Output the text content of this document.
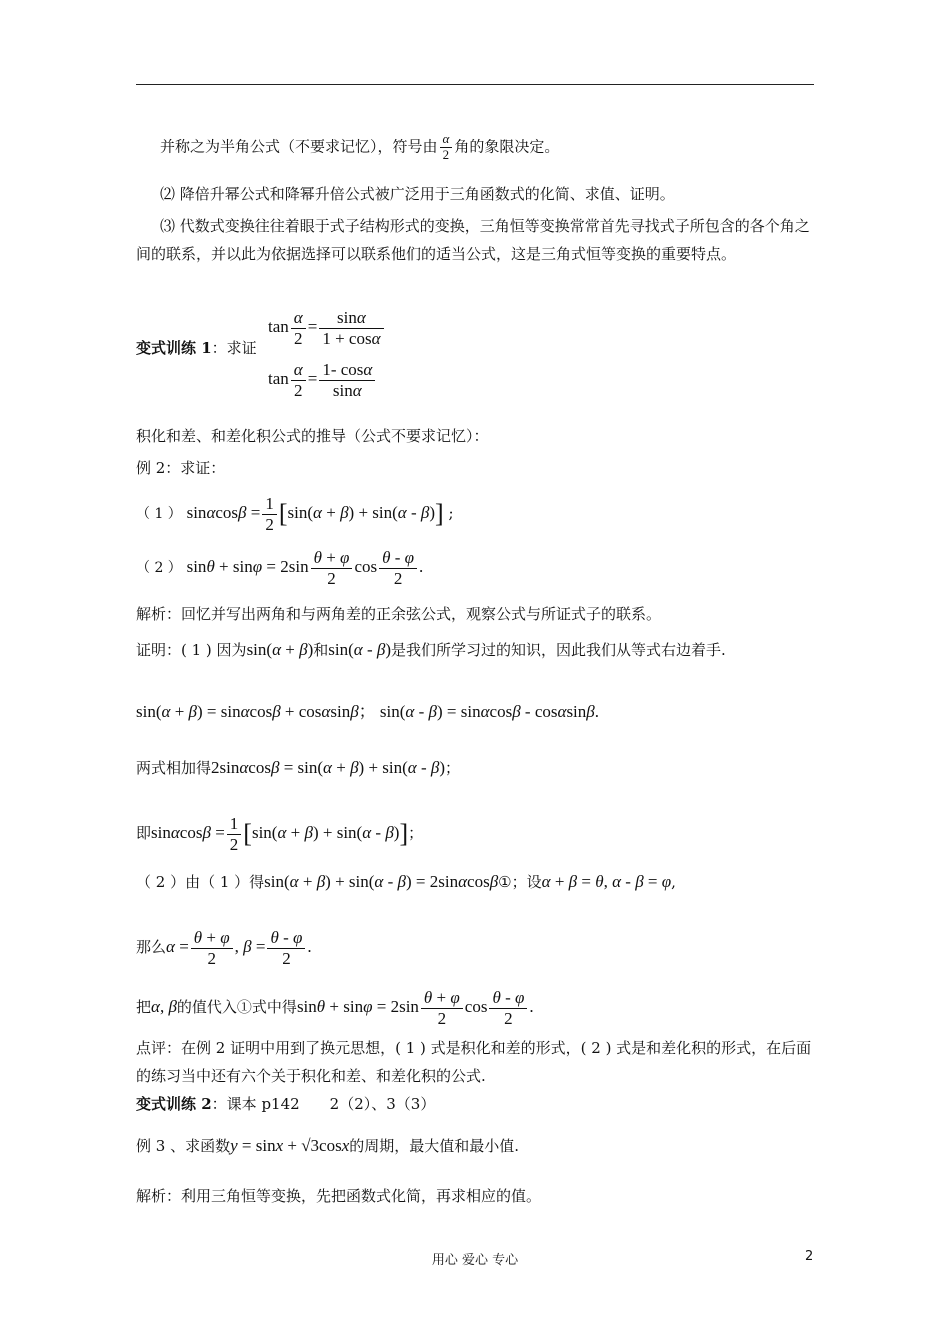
并称之为半角公式（不要求记忆），符号由 $\frac{\alpha}{2}$ 角的象限决定。
⑵ 降倍升幂公式和降幂升倍公式被广泛用于三角函数式的化简、求值、证明。
⑶ 代数式变换往往着眼于式子结构形式的变换，三角恒等变换常常首先寻找式子所包含的各个角之间的联系，并以此为依据选择可以联系他们的适当公式，这是三角式恒等变换的重要特点。
变式训练 1：求证
$\tan \frac{\alpha}{2} = \frac{\sin\alpha}{1 + \cos\alpha}$
$\tan \frac{\alpha}{2} = \frac{1- \cos\alpha}{\sin\alpha}$
积化和差、和差化积公式的推导（公式不要求记忆）：
例 2：求证：
（ 1 ） $\sin\alpha\cos\beta = \frac{1}{2} [\sin(\alpha + \beta) + \sin(\alpha - \beta)]$ ;
（ 2 ） $\sin\theta + \sin\varphi = 2\sin \frac{\theta + \varphi}{2}$ $\cos \frac{\theta - \varphi}{2}$ .
解析：回忆并写出两角和与两角差的正余弦公式，观察公式与所证式子的联系。
证明：( 1 ) 因为sin(α + β)和sin(α - β)是我们所学习过的知识，因此我们从等式右边着手.
sin(α + β) = sinαcosβ + cosαsinβ； sin(α - β) = sinαcosβ - cosαsinβ.
两式相加得2sinαcosβ = sin(α + β) + sin(α - β)；
即$\sin\alpha\cos\beta = \frac{1}{2} [\sin(\alpha + \beta) + \sin(\alpha - \beta)]$；
（ 2 ）由（ 1 ）得sin(α + β) + sin(α - β) = 2sinαcosβ①；设α + β = θ, α - β = φ,
那么$\alpha = \frac{\theta + \varphi}{2}$ , $\beta = \frac{\theta - \varphi}{2}$ .
把α, β的值代入①式中得$\sin\theta + \sin\varphi = 2\sin \frac{\theta + \varphi}{2}$ $\cos \frac{\theta - \varphi}{2}$ .
点评：在例 2 证明中用到了换元思想，( 1 ) 式是积化和差的形式，( 2 ) 式是和差化积的形式，在后面的练习当中还有六个关于积化和差、和差化积的公式.
变式训练 2：课本 p142　　2（2）、3（3）
例 3 、求函数y = sinx + √3cosx的周期，最大值和最小值.
解析：利用三角恒等变换，先把函数式化简，再求相应的值。
用心 爱心 专心	2
